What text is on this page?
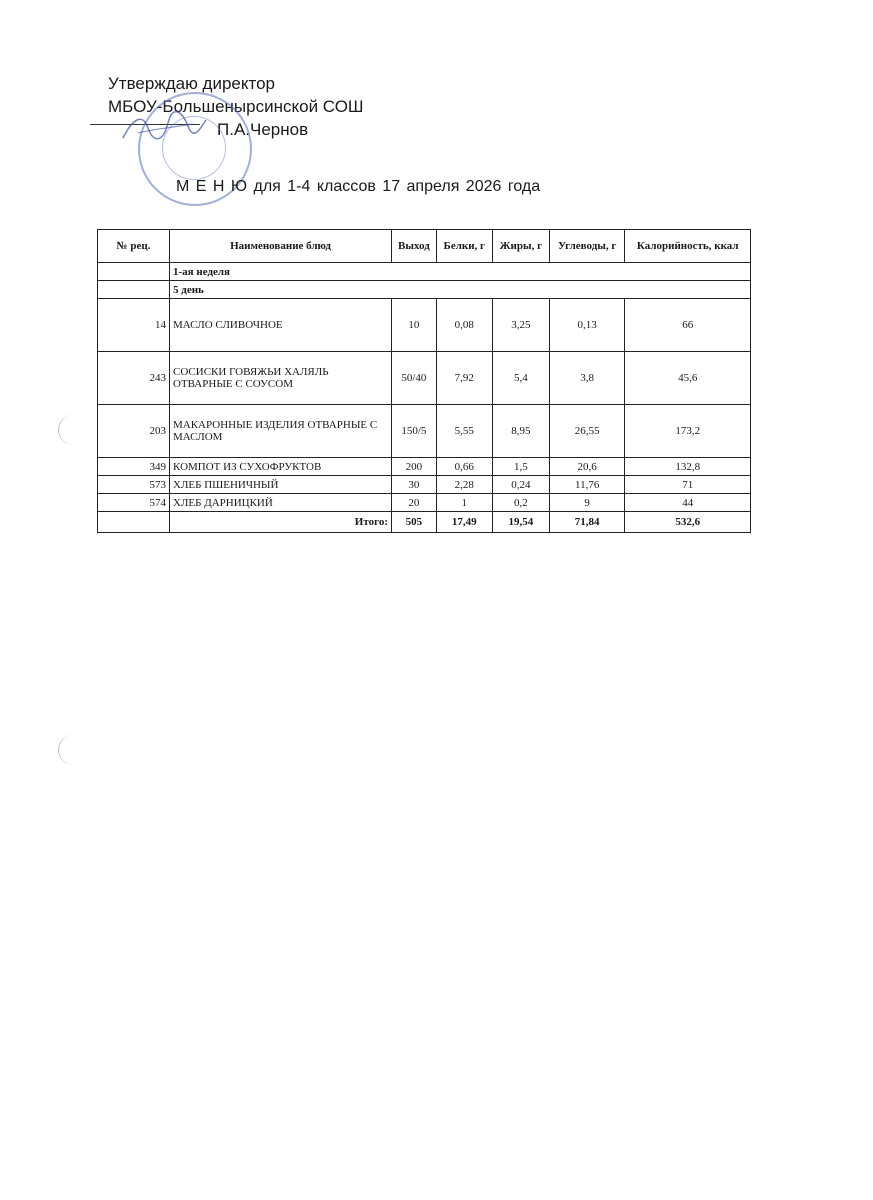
Утверждаю директор
МБОУ-Большенырсинской СОШ
П.А.Чернов
М Е Н Ю для 1-4 классов 17 апреля 2026 года
№ рец.	Наименование блюд	Выход	Белки, г	Жиры, г	Углеводы, г	Калорийность, ккал
	1-ая неделя					
	5 день					
14	МАСЛО СЛИВОЧНОЕ	10	0,08	3,25	0,13	66
243	СОСИСКИ ГОВЯЖЬИ ХАЛЯЛЬ ОТВАРНЫЕ С СОУСОМ	50/40	7,92	5,4	3,8	45,6
203	МАКАРОННЫЕ ИЗДЕЛИЯ ОТВАРНЫЕ С МАСЛОМ	150/5	5,55	8,95	26,55	173,2
349	КОМПОТ ИЗ СУХОФРУКТОВ	200	0,66	1,5	20,6	132,8
573	ХЛЕБ ПШЕНИЧНЫЙ	30	2,28	0,24	11,76	71
574	ХЛЕБ ДАРНИЦКИЙ	20	1	0,2	9	44
	Итого:	505	17,49	19,54	71,84	532,6
